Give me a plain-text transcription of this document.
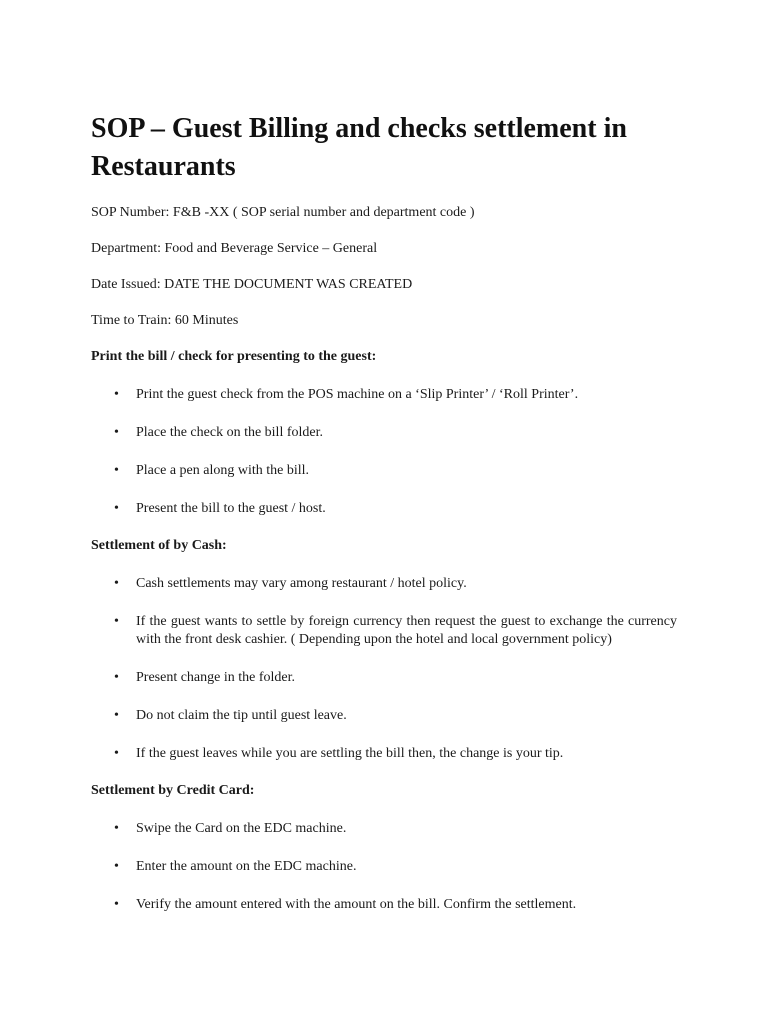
SOP – Guest Billing and checks settlement in Restaurants

SOP Number: F&B -XX ( SOP serial number and department code )

Department: Food and Beverage Service – General

Date Issued: DATE THE DOCUMENT WAS CREATED

Time to Train: 60 Minutes

Print the bill / check for presenting to the guest:

• Print the guest check from the POS machine on a ‘Slip Printer’ / ‘Roll Printer’.
• Place the check on the bill folder.
• Place a pen along with the bill.
• Present the bill to the guest / host.

Settlement of by Cash:

• Cash settlements may vary among restaurant / hotel policy.
• If the guest wants to settle by foreign currency then request the guest to exchange the currency with the front desk cashier. ( Depending upon the hotel and local government policy)
• Present change in the folder.
• Do not claim the tip until guest leave.
• If the guest leaves while you are settling the bill then, the change is your tip.

Settlement by Credit Card:

• Swipe the Card on the EDC machine.
• Enter the amount on the EDC machine.
• Verify the amount entered with the amount on the bill. Confirm the settlement.
